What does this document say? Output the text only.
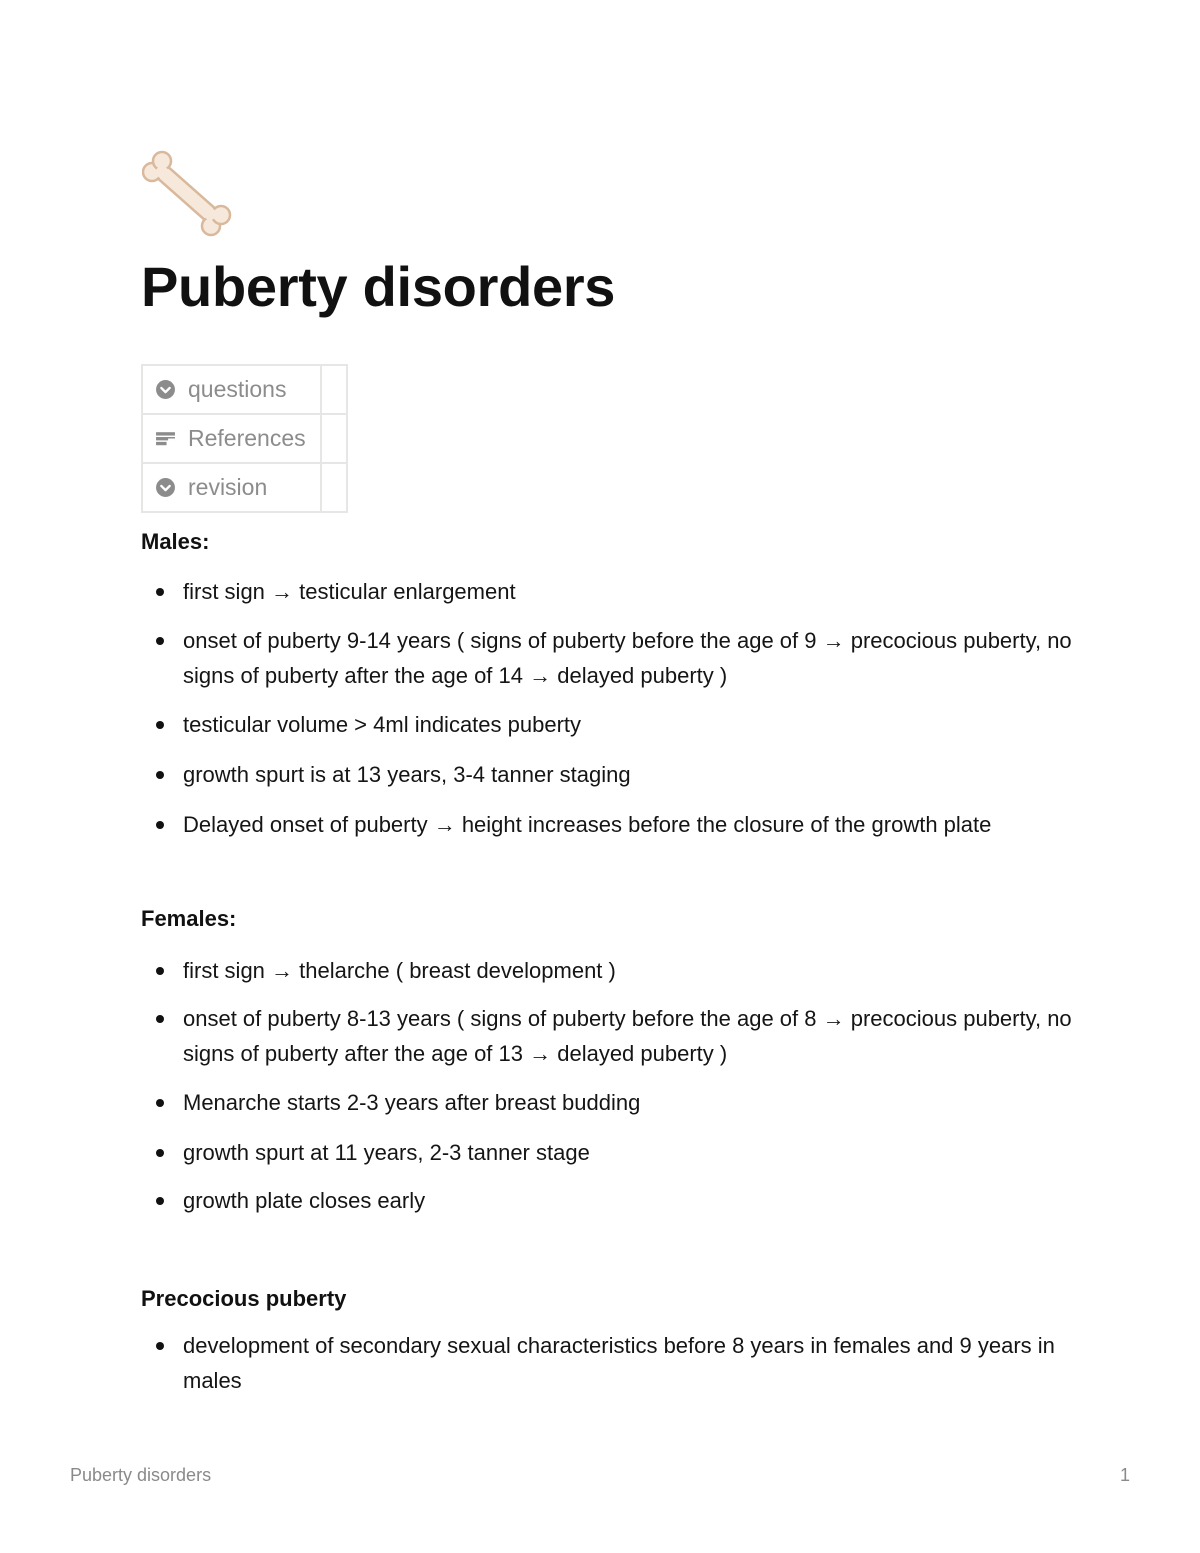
Puberty disorders
questions	

References	

revision	

Males:
first sign → testicular enlargement
onset of puberty 9-14 years ( signs of puberty before the age of 9 → precocious puberty, no signs of puberty after the age of 14 → delayed puberty )
testicular volume > 4ml indicates puberty
growth spurt is at 13 years, 3-4 tanner staging
Delayed onset of puberty → height increases before the closure of the growth plate
Females:
first sign → thelarche ( breast development )
onset of puberty 8-13 years ( signs of puberty before the age of 8 → precocious puberty, no signs of puberty after the age of 13 → delayed puberty )
Menarche starts 2-3 years after breast budding
growth spurt at 11 years, 2-3 tanner stage
growth plate closes early
Precocious puberty
development of secondary sexual characteristics before 8 years in females and 9 years in males
Puberty disorders	1
